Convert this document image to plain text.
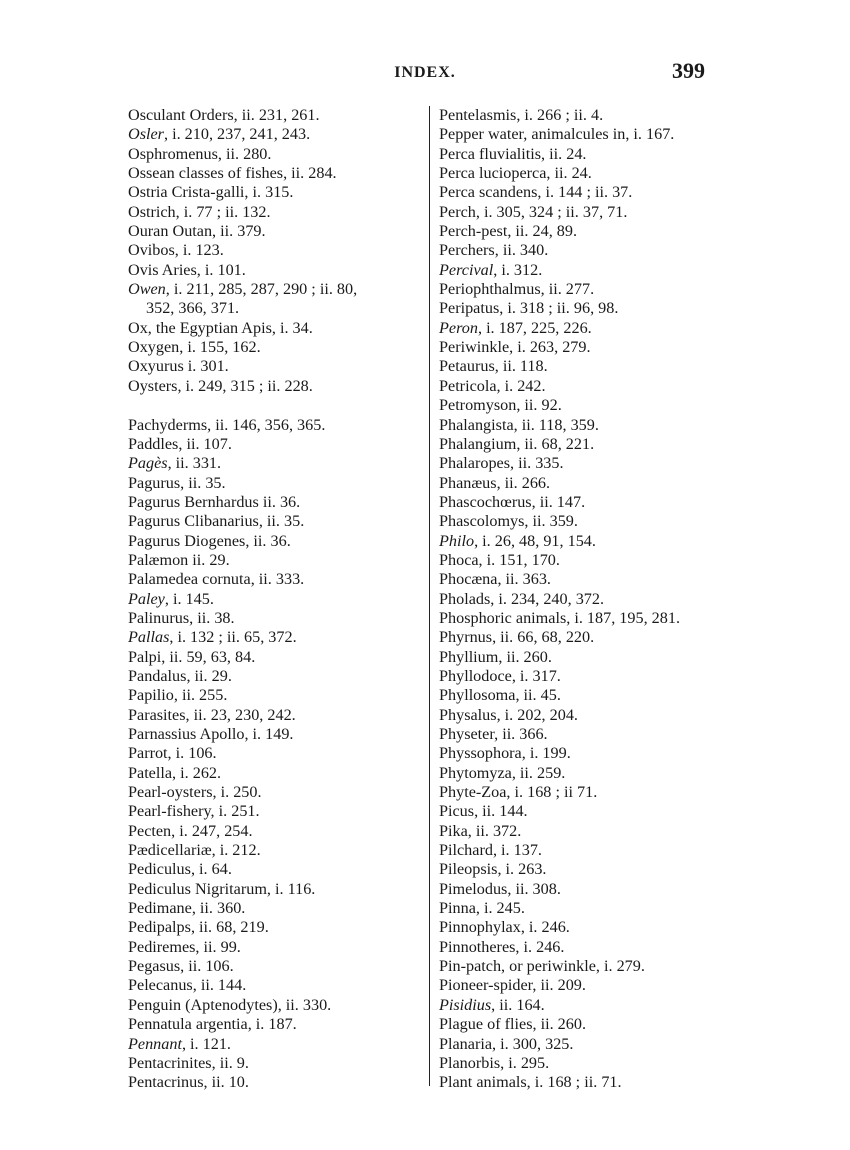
INDEX.	399
Osculant Orders, ii. 231, 261.
Osler, i. 210, 237, 241, 243.
Osphromenus, ii. 280.
Ossean classes of fishes, ii. 284.
Ostria Crista-galli, i. 315.
Ostrich, i. 77 ; ii. 132.
Ouran Outan, ii. 379.
Ovibos, i. 123.
Ovis Aries, i. 101.
Owen, i. 211, 285, 287, 290 ; ii. 80,
352, 366, 371.
Ox, the Egyptian Apis, i. 34.
Oxygen, i. 155, 162.
Oxyurus i. 301.
Oysters, i. 249, 315 ; ii. 228.
Pachyderms, ii. 146, 356, 365.
Paddles, ii. 107.
Pagès, ii. 331.
Pagurus, ii. 35.
Pagurus Bernhardus ii. 36.
Pagurus Clibanarius, ii. 35.
Pagurus Diogenes, ii. 36.
Palæmon ii. 29.
Palamedea cornuta, ii. 333.
Paley, i. 145.
Palinurus, ii. 38.
Pallas, i. 132 ; ii. 65, 372.
Palpi, ii. 59, 63, 84.
Pandalus, ii. 29.
Papilio, ii. 255.
Parasites, ii. 23, 230, 242.
Parnassius Apollo, i. 149.
Parrot, i. 106.
Patella, i. 262.
Pearl-oysters, i. 250.
Pearl-fishery, i. 251.
Pecten, i. 247, 254.
Pædicellariæ, i. 212.
Pediculus, i. 64.
Pediculus Nigritarum, i. 116.
Pedimane, ii. 360.
Pedipalps, ii. 68, 219.
Pediremes, ii. 99.
Pegasus, ii. 106.
Pelecanus, ii. 144.
Penguin (Aptenodytes), ii. 330.
Pennatula argentia, i. 187.
Pennant, i. 121.
Pentacrinites, ii. 9.
Pentacrinus, ii. 10.
Pentelasmis, i. 266 ; ii. 4.
Pepper water, animalcules in, i. 167.
Perca fluvialitis, ii. 24.
Perca lucioperca, ii. 24.
Perca scandens, i. 144 ; ii. 37.
Perch, i. 305, 324 ; ii. 37, 71.
Perch-pest, ii. 24, 89.
Perchers, ii. 340.
Percival, i. 312.
Periophthalmus, ii. 277.
Peripatus, i. 318 ; ii. 96, 98.
Peron, i. 187, 225, 226.
Periwinkle, i. 263, 279.
Petaurus, ii. 118.
Petricola, i. 242.
Petromyson, ii. 92.
Phalangista, ii. 118, 359.
Phalangium, ii. 68, 221.
Phalaropes, ii. 335.
Phanæus, ii. 266.
Phascochœrus, ii. 147.
Phascolomys, ii. 359.
Philo, i. 26, 48, 91, 154.
Phoca, i. 151, 170.
Phocæna, ii. 363.
Pholads, i. 234, 240, 372.
Phosphoric animals, i. 187, 195, 281.
Phyrnus, ii. 66, 68, 220.
Phyllium, ii. 260.
Phyllodoce, i. 317.
Phyllosoma, ii. 45.
Physalus, i. 202, 204.
Physeter, ii. 366.
Physsophora, i. 199.
Phytomyza, ii. 259.
Phyte-Zoa, i. 168 ; ii 71.
Picus, ii. 144.
Pika, ii. 372.
Pilchard, i. 137.
Pileopsis, i. 263.
Pimelodus, ii. 308.
Pinna, i. 245.
Pinnophylax, i. 246.
Pinnotheres, i. 246.
Pin-patch, or periwinkle, i. 279.
Pioneer-spider, ii. 209.
Pisidius, ii. 164.
Plague of flies, ii. 260.
Planaria, i. 300, 325.
Planorbis, i. 295.
Plant animals, i. 168 ; ii. 71.
